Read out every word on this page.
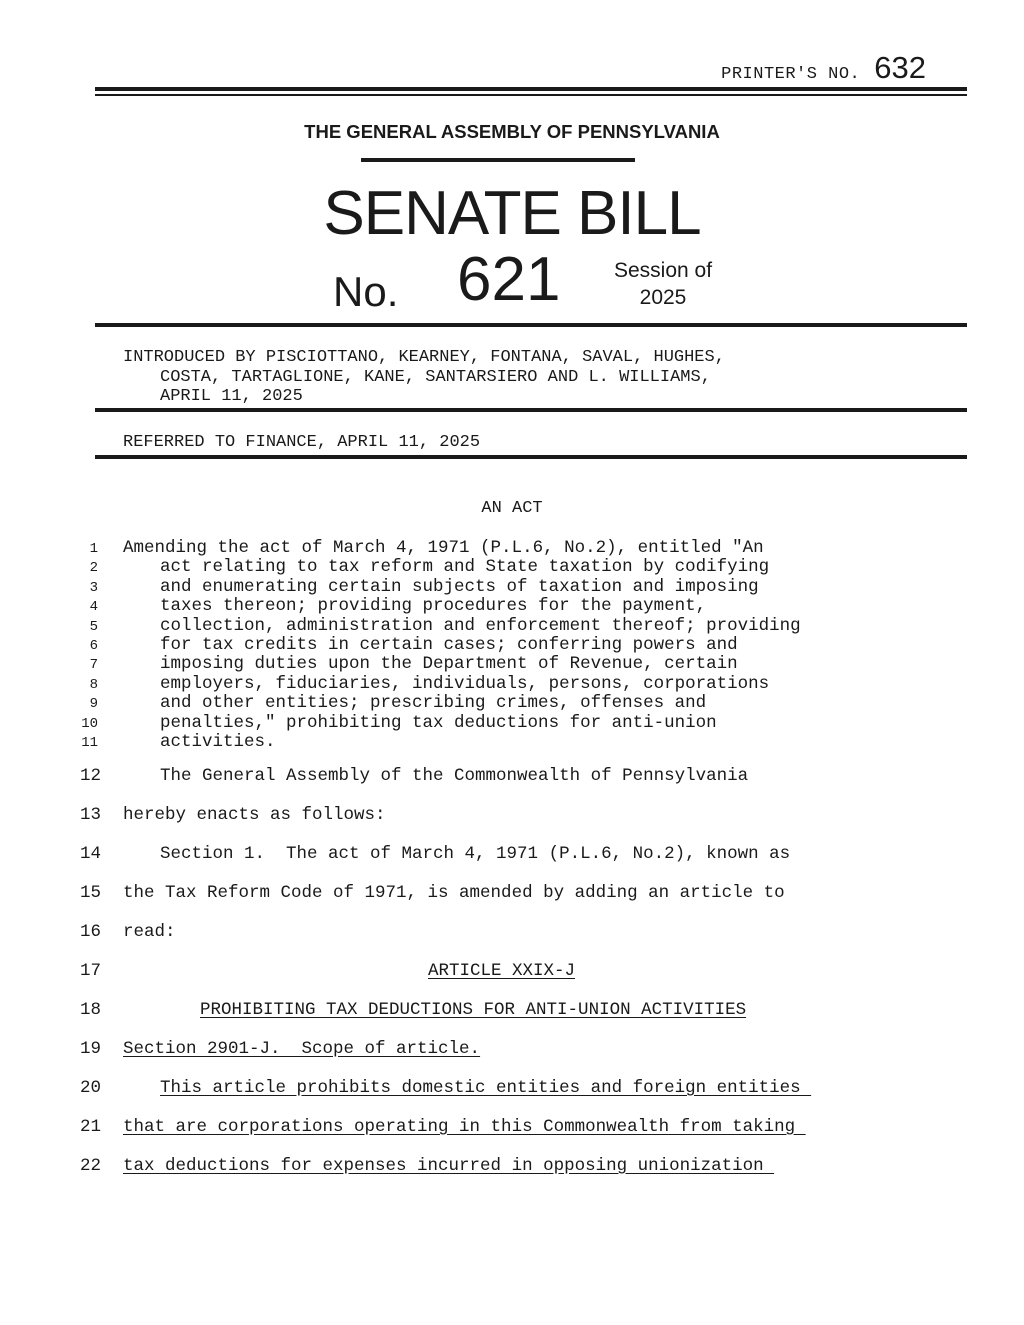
PRINTER'S NO. 632
THE GENERAL ASSEMBLY OF PENNSYLVANIA
SENATE BILL
No. 621	Session of
2025
INTRODUCED BY PISCIOTTANO, KEARNEY, FONTANA, SAVAL, HUGHES,
COSTA, TARTAGLIONE, KANE, SANTARSIERO AND L. WILLIAMS,
APRIL 11, 2025
REFERRED TO FINANCE, APRIL 11, 2025
AN ACT
1 Amending the act of March 4, 1971 (P.L.6, No.2), entitled "An
2	act relating to tax reform and State taxation by codifying
3	and enumerating certain subjects of taxation and imposing
4	taxes thereon; providing procedures for the payment,
5	collection, administration and enforcement thereof; providing
6	for tax credits in certain cases; conferring powers and
7	imposing duties upon the Department of Revenue, certain
8	employers, fiduciaries, individuals, persons, corporations
9	and other entities; prescribing crimes, offenses and
10	penalties," prohibiting tax deductions for anti-union
11	activities.
12	The General Assembly of the Commonwealth of Pennsylvania
13 hereby enacts as follows:
14	Section 1.  The act of March 4, 1971 (P.L.6, No.2), known as
15 the Tax Reform Code of 1971, is amended by adding an article to
16 read:
17	ARTICLE XXIX-J
18	PROHIBITING TAX DEDUCTIONS FOR ANTI-UNION ACTIVITIES
19 Section 2901-J.  Scope of article.
20	This article prohibits domestic entities and foreign entities
21 that are corporations operating in this Commonwealth from taking
22 tax deductions for expenses incurred in opposing unionization
